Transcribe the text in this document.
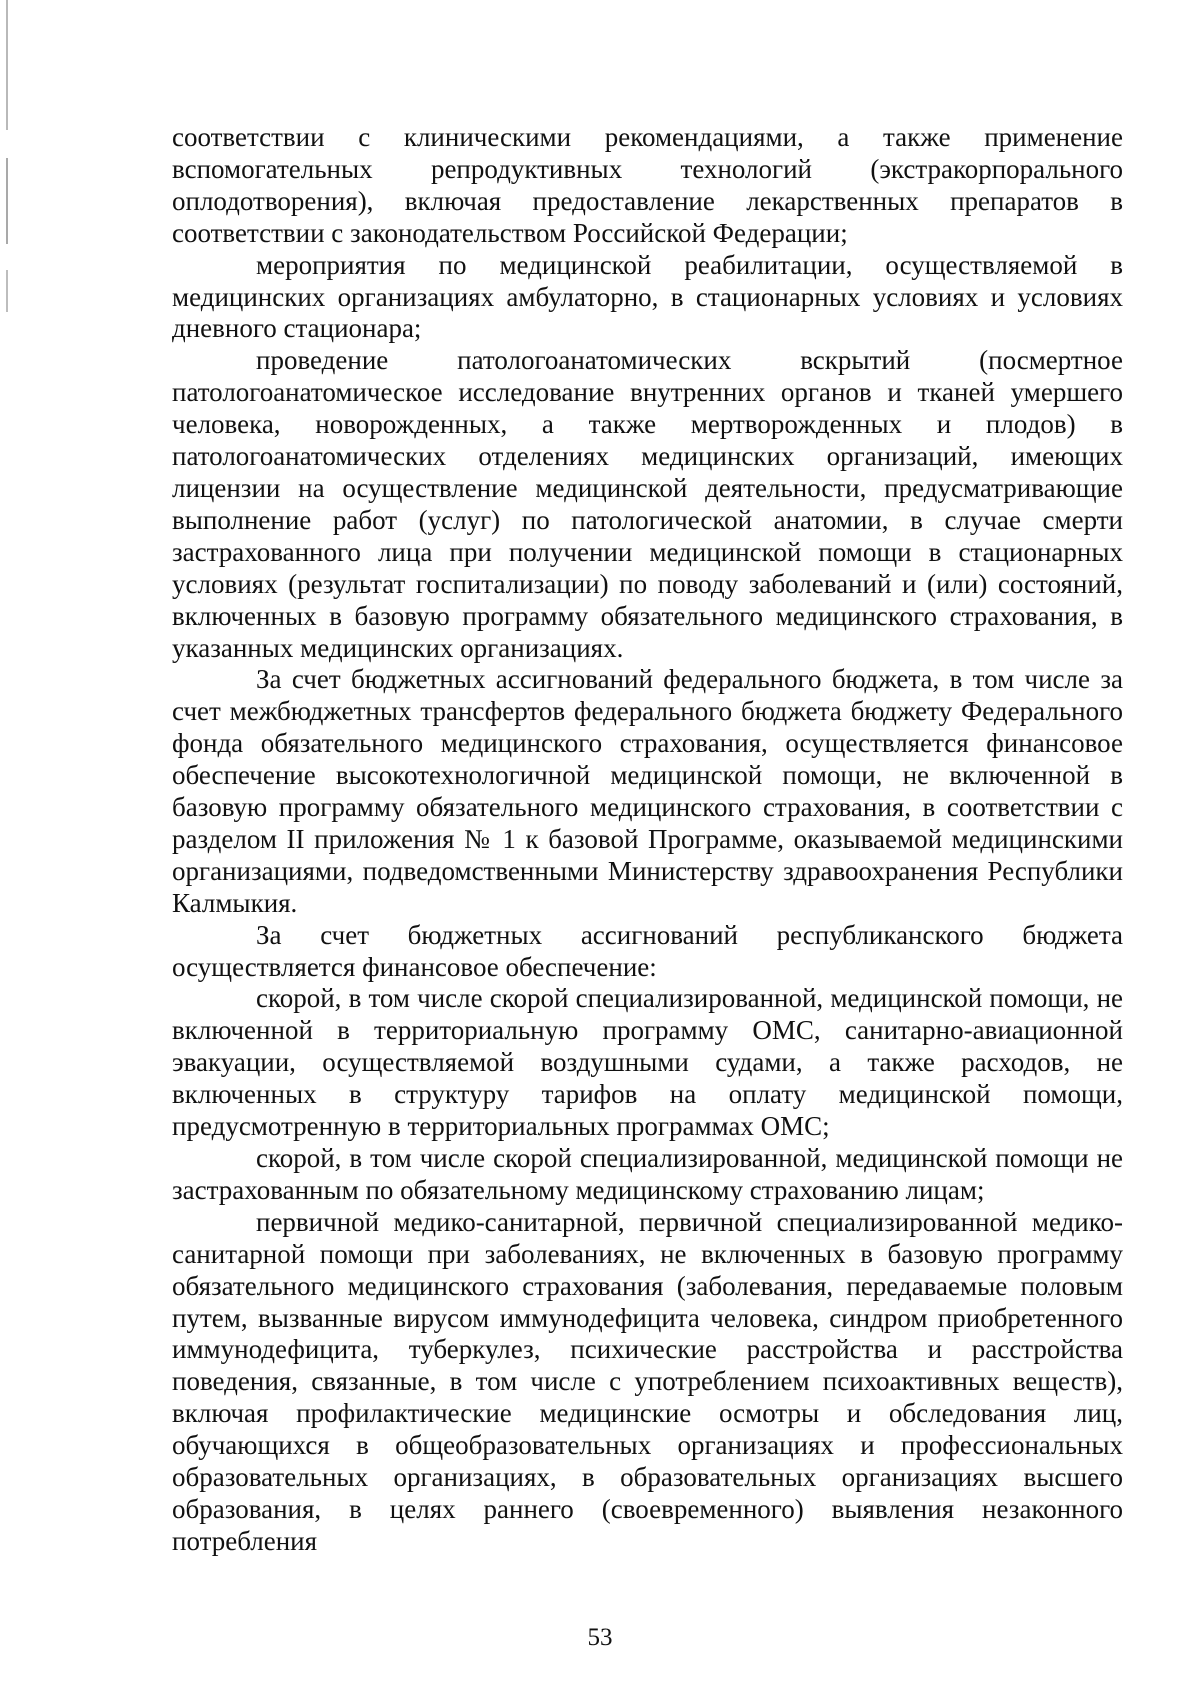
соответствии с клиническими рекомендациями, а также применение вспомогательных репродуктивных технологий (экстракорпорального оплодотворения), включая предоставление лекарственных препаратов в соответствии с законодательством Российской Федерации;

мероприятия по медицинской реабилитации, осуществляемой в медицинских организациях амбулаторно, в стационарных условиях и условиях дневного стационара;

проведение патологоанатомических вскрытий (посмертное патологоанатомическое исследование внутренних органов и тканей умершего человека, новорожденных, а также мертворожденных и плодов) в патологоанатомических отделениях медицинских организаций, имеющих лицензии на осуществление медицинской деятельности, предусматривающие выполнение работ (услуг) по патологической анатомии, в случае смерти застрахованного лица при получении медицинской помощи в стационарных условиях (результат госпитализации) по поводу заболеваний и (или) состояний, включенных в базовую программу обязательного медицинского страхования, в указанных медицинских организациях.

За счет бюджетных ассигнований федерального бюджета, в том числе за счет межбюджетных трансфертов федерального бюджета бюджету Федерального фонда обязательного медицинского страхования, осуществляется финансовое обеспечение высокотехнологичной медицинской помощи, не включенной в базовую программу обязательного медицинского страхования, в соответствии с разделом II приложения № 1 к базовой Программе, оказываемой медицинскими организациями, подведомственными Министерству здравоохранения Республики Калмыкия.

За счет бюджетных ассигнований республиканского бюджета осуществляется финансовое обеспечение:

скорой, в том числе скорой специализированной, медицинской помощи, не включенной в территориальную программу ОМС, санитарно-авиационной эвакуации, осуществляемой воздушными судами, а также расходов, не включенных в структуру тарифов на оплату медицинской помощи, предусмотренную в территориальных программах ОМС;

скорой, в том числе скорой специализированной, медицинской помощи не застрахованным по обязательному медицинскому страхованию лицам;

первичной медико-санитарной, первичной специализированной медико-санитарной помощи при заболеваниях, не включенных в базовую программу обязательного медицинского страхования (заболевания, передаваемые половым путем, вызванные вирусом иммунодефицита человека, синдром приобретенного иммунодефицита, туберкулез, психические расстройства и расстройства поведения, связанные, в том числе с употреблением психоактивных веществ), включая профилактические медицинские осмотры и обследования лиц, обучающихся в общеобразовательных организациях и профессиональных образовательных организациях, в образовательных организациях высшего образования, в целях раннего (своевременного) выявления незаконного потребления

53
